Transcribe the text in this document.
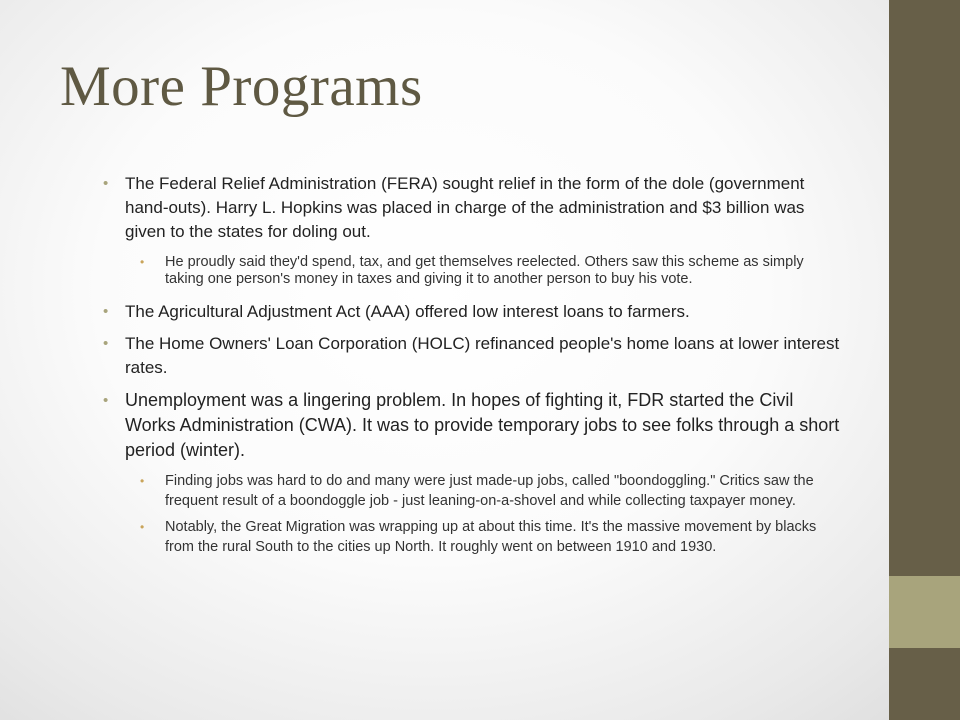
More Programs
• The Federal Relief Administration (FERA) sought relief in the form of the dole (government hand-outs). Harry L. Hopkins was placed in charge of the administration and $3 billion was given to the states for doling out.
• He proudly said they'd spend, tax, and get themselves reelected. Others saw this scheme as simply taking one person's money in taxes and giving it to another person to buy his vote.
• The Agricultural Adjustment Act (AAA) offered low interest loans to farmers.
• The Home Owners' Loan Corporation (HOLC) refinanced people's home loans at lower interest rates.
• Unemployment was a lingering problem. In hopes of fighting it, FDR started the Civil Works Administration (CWA). It was to provide temporary jobs to see folks through a short period (winter).
• Finding jobs was hard to do and many were just made-up jobs, called "boondoggling." Critics saw the frequent result of a boondoggle job - just leaning-on-a-shovel and while collecting taxpayer money.
• Notably, the Great Migration was wrapping up at about this time. It's the massive movement by blacks from the rural South to the cities up North. It roughly went on between 1910 and 1930.
